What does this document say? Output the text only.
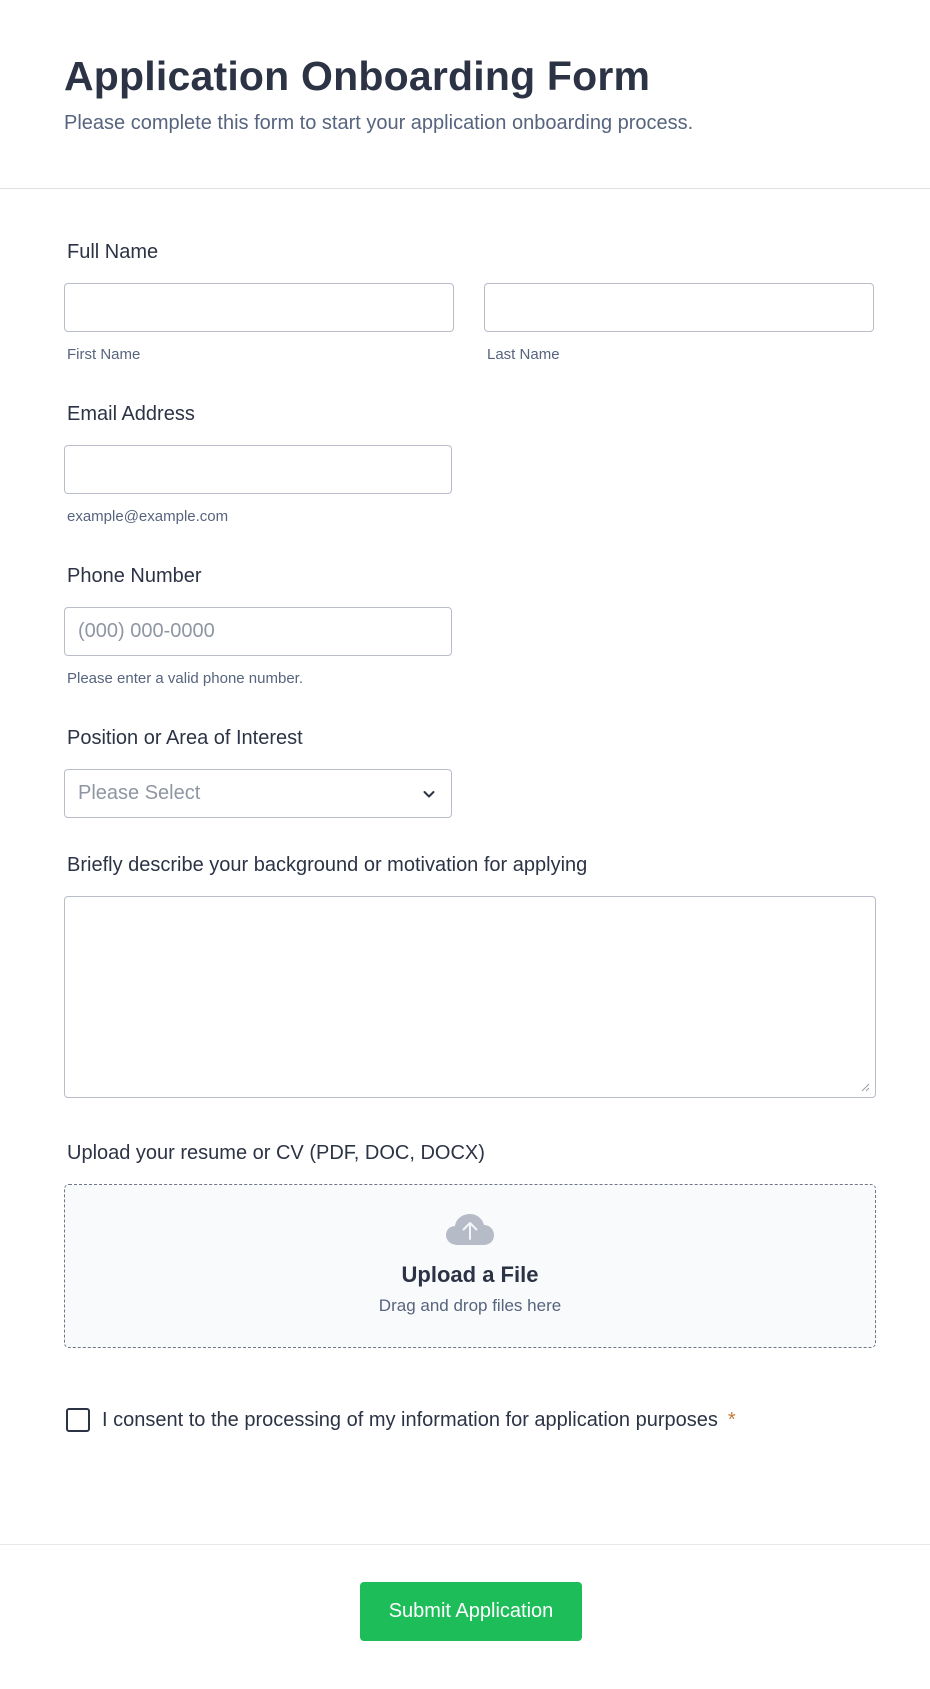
Application Onboarding Form

Please complete this form to start your application onboarding process.

Full Name
First Name	Last Name
Email Address
example@example.com
Phone Number
(000) 000-0000
Please enter a valid phone number.
Position or Area of Interest
Please Select
Briefly describe your background or motivation for applying
Upload your resume or CV (PDF, DOC, DOCX)
Upload a File
Drag and drop files here
I consent to the processing of my information for application purposes *
Submit Application
